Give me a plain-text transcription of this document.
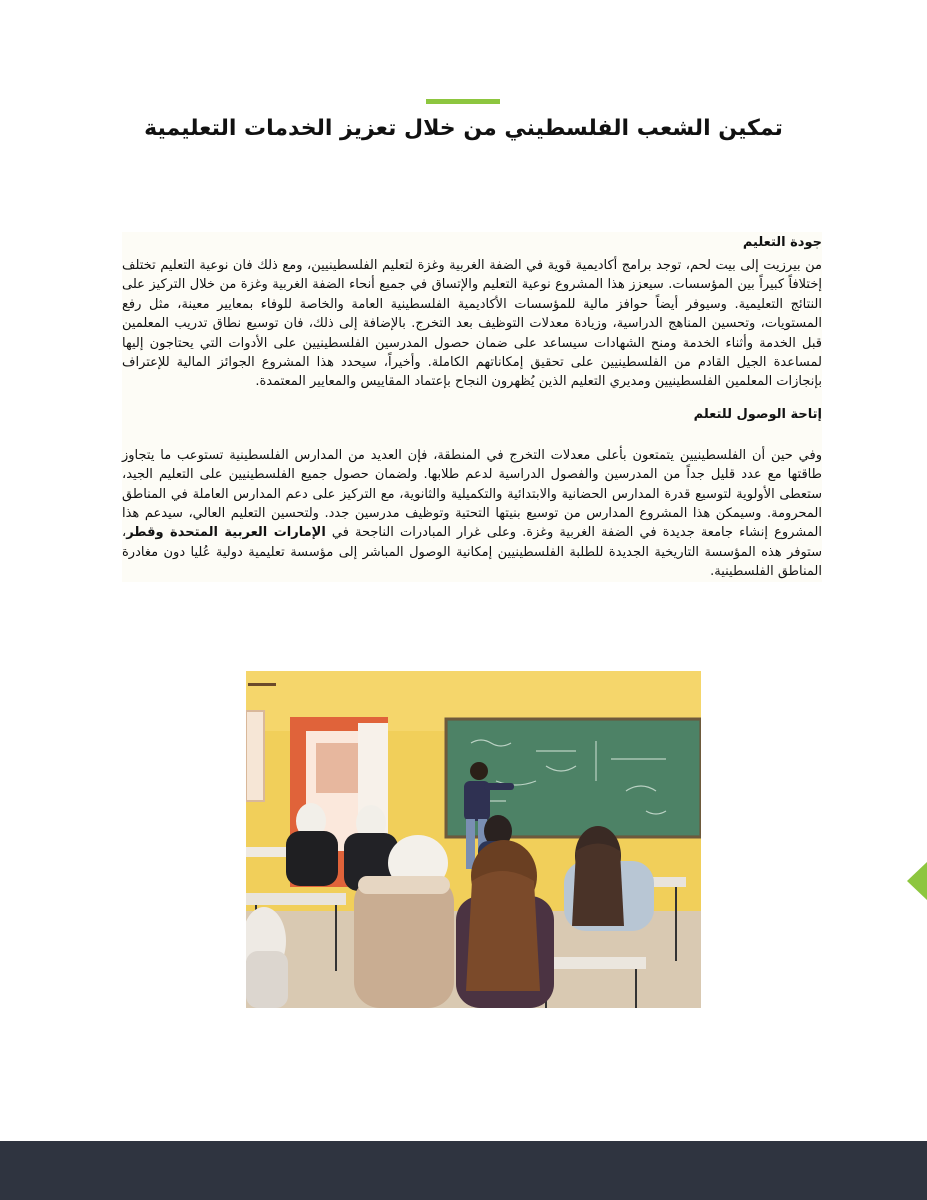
تمكين الشعب الفلسطيني من خلال تعزيز الخدمات التعليمية

جودة التعليم

من بيرزيت إلى بيت لحم، توجد برامج أكاديمية قوية في الضفة الغربية وغزة لتعليم الفلسطينيين، ومع ذلك فان نوعية التعليم تختلف إختلافاً كبيراً بين المؤسسات. سيعزز هذا المشروع نوعية التعليم والإتساق في جميع أنحاء الضفة الغربية وغزة من خلال التركيز على النتائج التعليمية. وسيوفر أيضاً حوافز مالية للمؤسسات الأكاديمية الفلسطينية العامة والخاصة للوفاء بمعايير معينة، مثل رفع المستويات، وتحسين المناهج الدراسية، وزيادة معدلات التوظيف بعد التخرج. بالإضافة إلى ذلك، فان توسيع نطاق تدريب المعلمين قبل الخدمة وأثناء الخدمة ومنح الشهادات سيساعد على ضمان حصول المدرسين الفلسطينيين على الأدوات التي يحتاجون إليها لمساعدة الجيل القادم من الفلسطينيين على تحقيق إمكاناتهم الكاملة. وأخيراً، سيحدد هذا المشروع الجوائز المالية للإعتراف بإنجازات المعلمين الفلسطينيين ومديري التعليم الذين يُظهرون النجاح بإعتماد المقاييس والمعايير المعتمدة.

إتاحة الوصول للتعلم

وفي حين أن الفلسطينيين يتمتعون بأعلى معدلات التخرج في المنطقة، فإن العديد من المدارس الفلسطينية تستوعب ما يتجاوز طاقتها مع عدد قليل جداً من المدرسين والفصول الدراسية لدعم طلابها. ولضمان حصول جميع الفلسطينيين على التعليم الجيد، ستعطى الأولوية لتوسيع قدرة المدارس الحضانية والابتدائية والتكميلية والثانوية، مع التركيز على دعم المدارس العاملة في المناطق المحرومة. وسيمكن هذا المشروع المدارس من توسيع بنيتها التحتية وتوظيف مدرسين جدد. ولتحسين التعليم العالي، سيدعم هذا المشروع إنشاء جامعة جديدة في الضفة الغربية وغزة. وعلى غرار المبادرات الناجحة في الإمارات العربية المتحدة وقطر، ستوفر هذه المؤسسة التاريخية الجديدة للطلبة الفلسطينيين إمكانية الوصول المباشر إلى مؤسسة تعليمية دولية عُليا دون مغادرة المناطق الفلسطينية.
